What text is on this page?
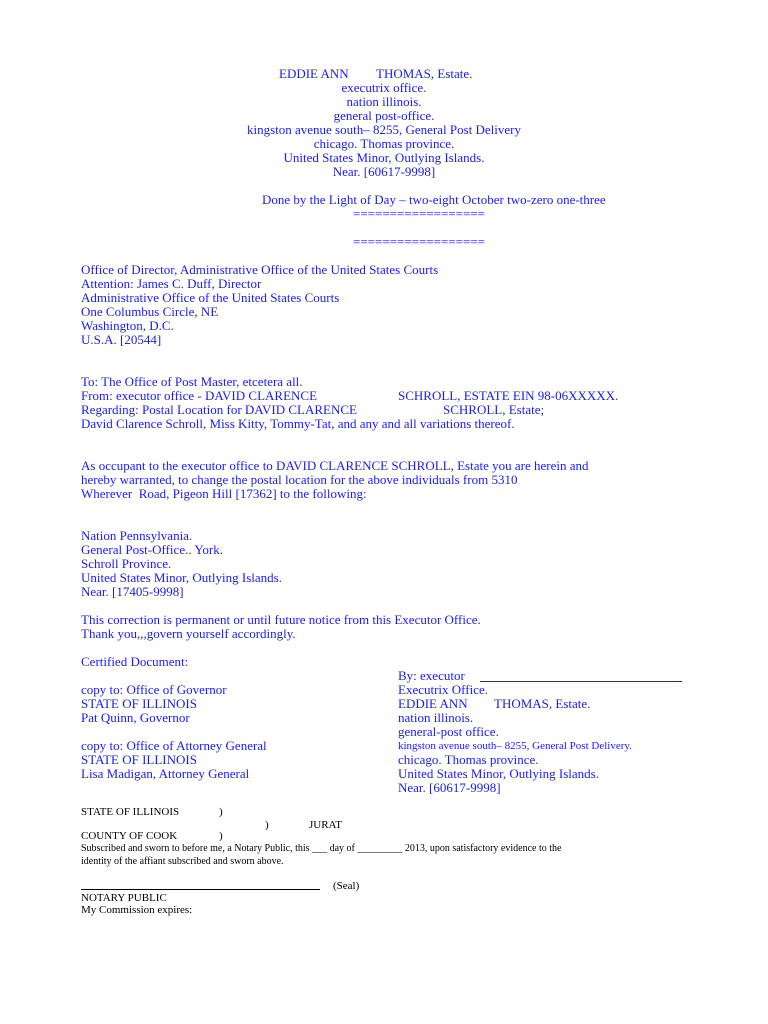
EDDIE ANN THOMAS, Estate.
executrix office.
nation illinois.
general post-office.
kingston avenue south– 8255, General Post Delivery
chicago. Thomas province.
United States Minor, Outlying Islands.
Near. [60617-9998]
Done by the Light of Day – two-eight October two-zero one-three
==================
==================
Office of Director, Administrative Office of the United States Courts
Attention: James C. Duff, Director
Administrative Office of the United States Courts
One Columbus Circle, NE
Washington, D.C.
U.S.A. [20544]
To: The Office of Post Master, etcetera all.
From: executor office - DAVID CLARENCE	SCHROLL, ESTATE EIN 98-06XXXXX.
Regarding: Postal Location for DAVID CLARENCE	SCHROLL, Estate;
David Clarence Schroll, Miss Kitty, Tommy-Tat, and any and all variations thereof.
As occupant to the executor office to DAVID CLARENCE SCHROLL, Estate you are herein and
hereby warranted, to change the postal location for the above individuals from 5310
Wherever  Road, Pigeon Hill [17362] to the following:
Nation Pennsylvania.
General Post-Office.. York.
Schroll Province.
United States Minor, Outlying Islands.
Near. [17405-9998]
This correction is permanent or until future notice from this Executor Office.
Thank you,,,govern yourself accordingly.
Certified Document:
By: executor
Executrix Office.
EDDIE ANN THOMAS, Estate.
nation illinois.
general-post office.
kingston avenue south– 8255, General Post Delivery.
chicago. Thomas province.
United States Minor, Outlying Islands.
Near. [60617-9998]
copy to: Office of Governor
STATE OF ILLINOIS
Pat Quinn, Governor
copy to: Office of Attorney General
STATE OF ILLINOIS
Lisa Madigan, Attorney General
STATE OF ILLINOIS	)
)	JURAT
COUNTY OF COOK	)
Subscribed and sworn to before me, a Notary Public, this ___ day of _________ 2013, upon satisfactory evidence to the
identity of the affiant subscribed and sworn above.
(Seal)
NOTARY PUBLIC
My Commission expires:
